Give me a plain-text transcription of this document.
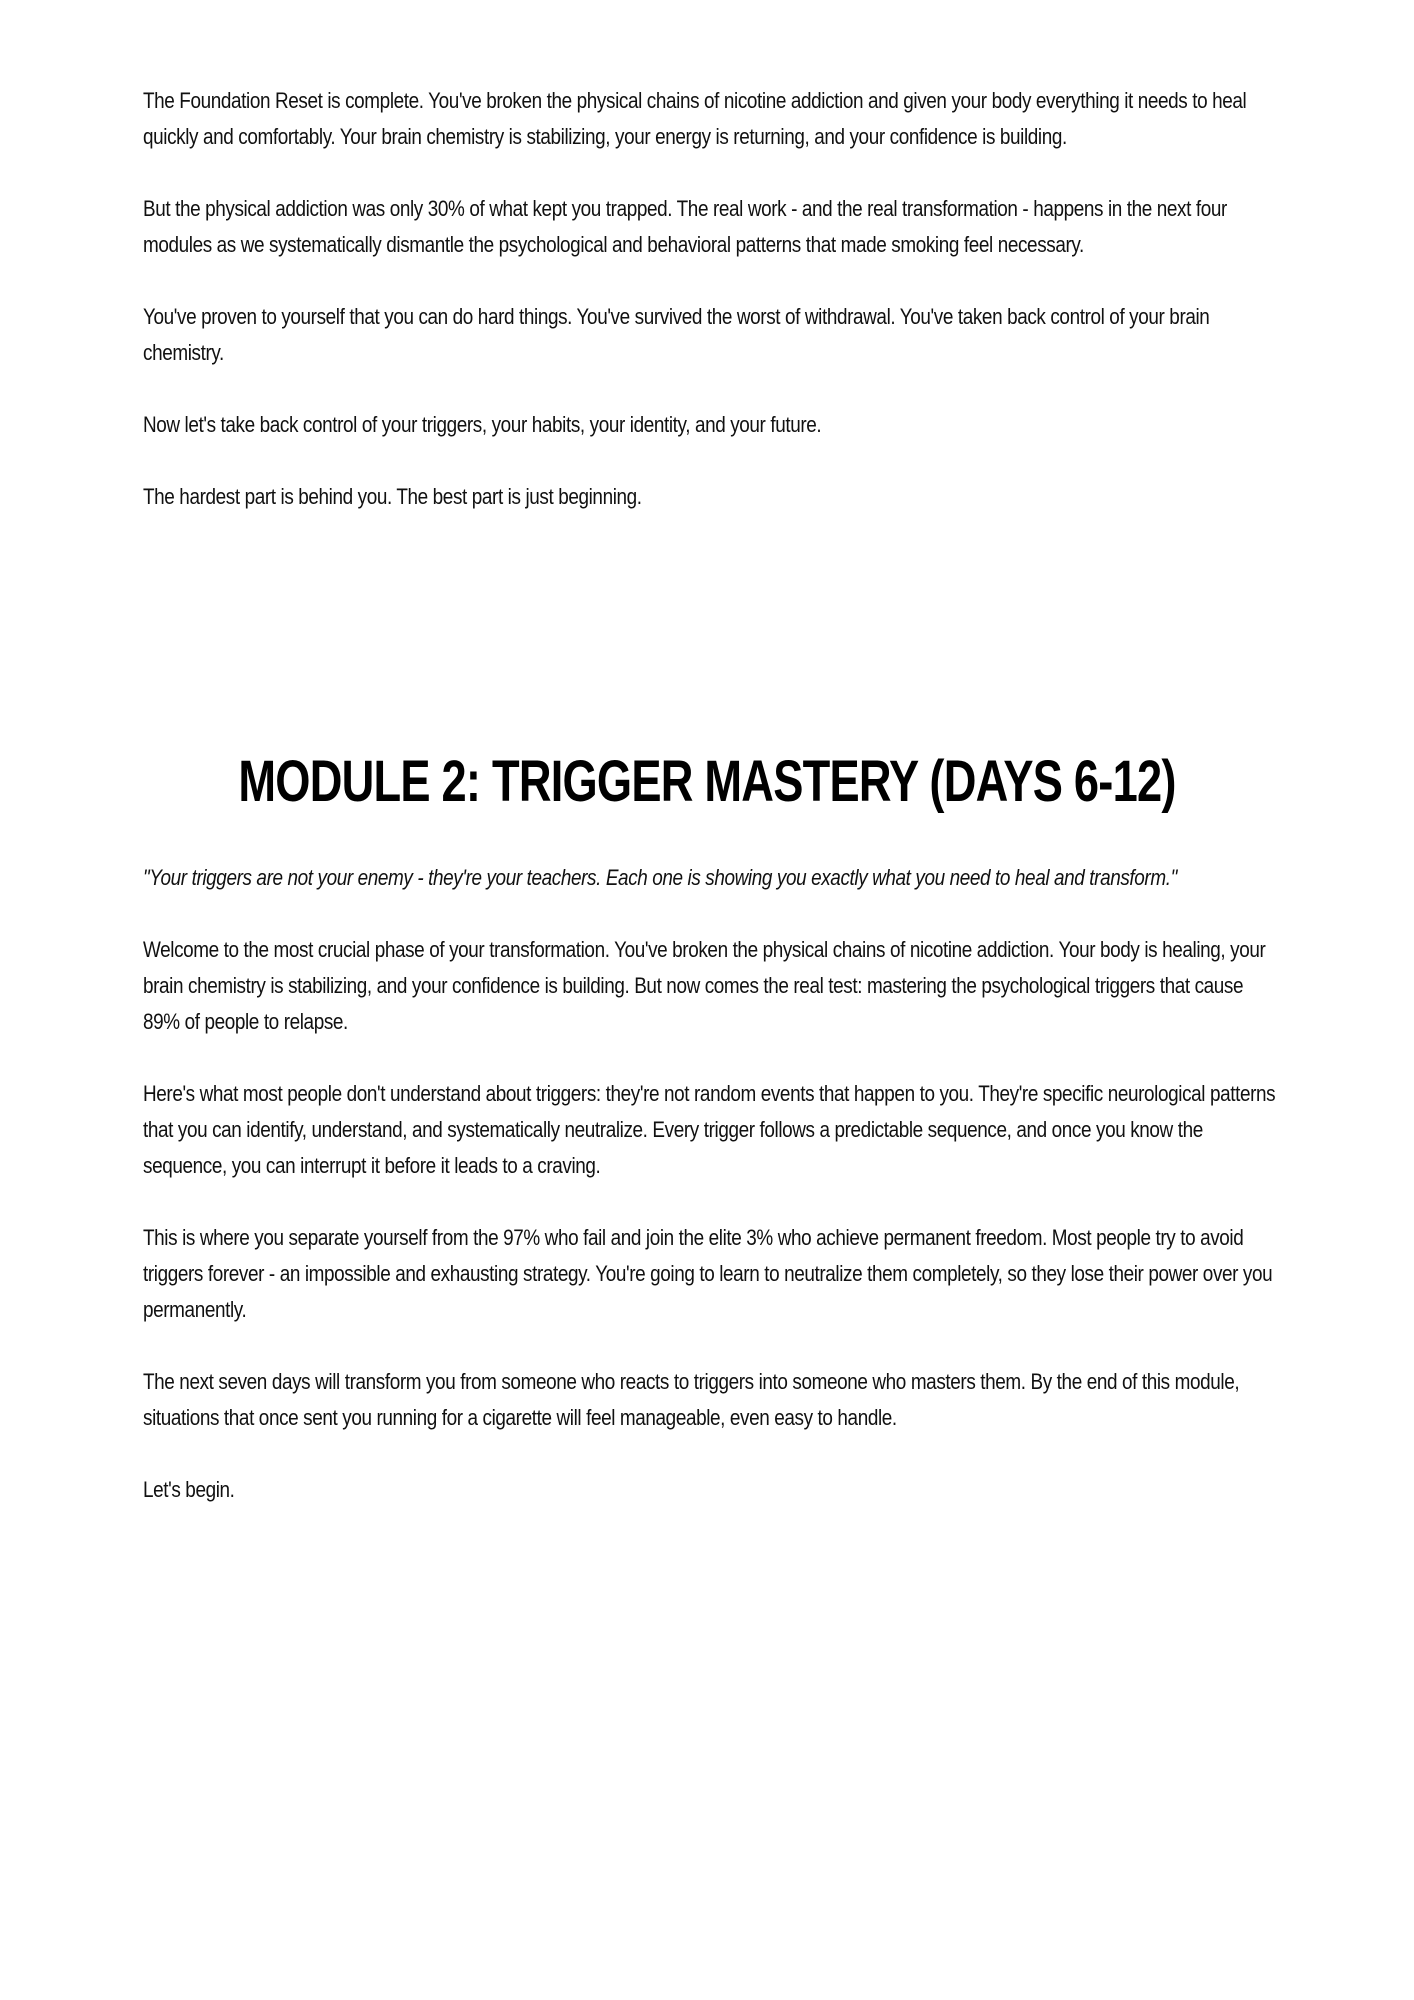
The Foundation Reset is complete. You've broken the physical chains of nicotine addiction and given your body everything it needs to heal quickly and comfortably. Your brain chemistry is stabilizing, your energy is returning, and your confidence is building.

But the physical addiction was only 30% of what kept you trapped. The real work - and the real transformation - happens in the next four modules as we systematically dismantle the psychological and behavioral patterns that made smoking feel necessary.

You've proven to yourself that you can do hard things. You've survived the worst of withdrawal. You've taken back control of your brain chemistry.

Now let's take back control of your triggers, your habits, your identity, and your future.

The hardest part is behind you. The best part is just beginning.

MODULE 2: TRIGGER MASTERY (DAYS 6-12)

"Your triggers are not your enemy - they're your teachers. Each one is showing you exactly what you need to heal and transform."

Welcome to the most crucial phase of your transformation. You've broken the physical chains of nicotine addiction. Your body is healing, your brain chemistry is stabilizing, and your confidence is building. But now comes the real test: mastering the psychological triggers that cause 89% of people to relapse.

Here's what most people don't understand about triggers: they're not random events that happen to you. They're specific neurological patterns that you can identify, understand, and systematically neutralize. Every trigger follows a predictable sequence, and once you know the sequence, you can interrupt it before it leads to a craving.

This is where you separate yourself from the 97% who fail and join the elite 3% who achieve permanent freedom. Most people try to avoid triggers forever - an impossible and exhausting strategy. You're going to learn to neutralize them completely, so they lose their power over you permanently.

The next seven days will transform you from someone who reacts to triggers into someone who masters them. By the end of this module, situations that once sent you running for a cigarette will feel manageable, even easy to handle.

Let's begin.
